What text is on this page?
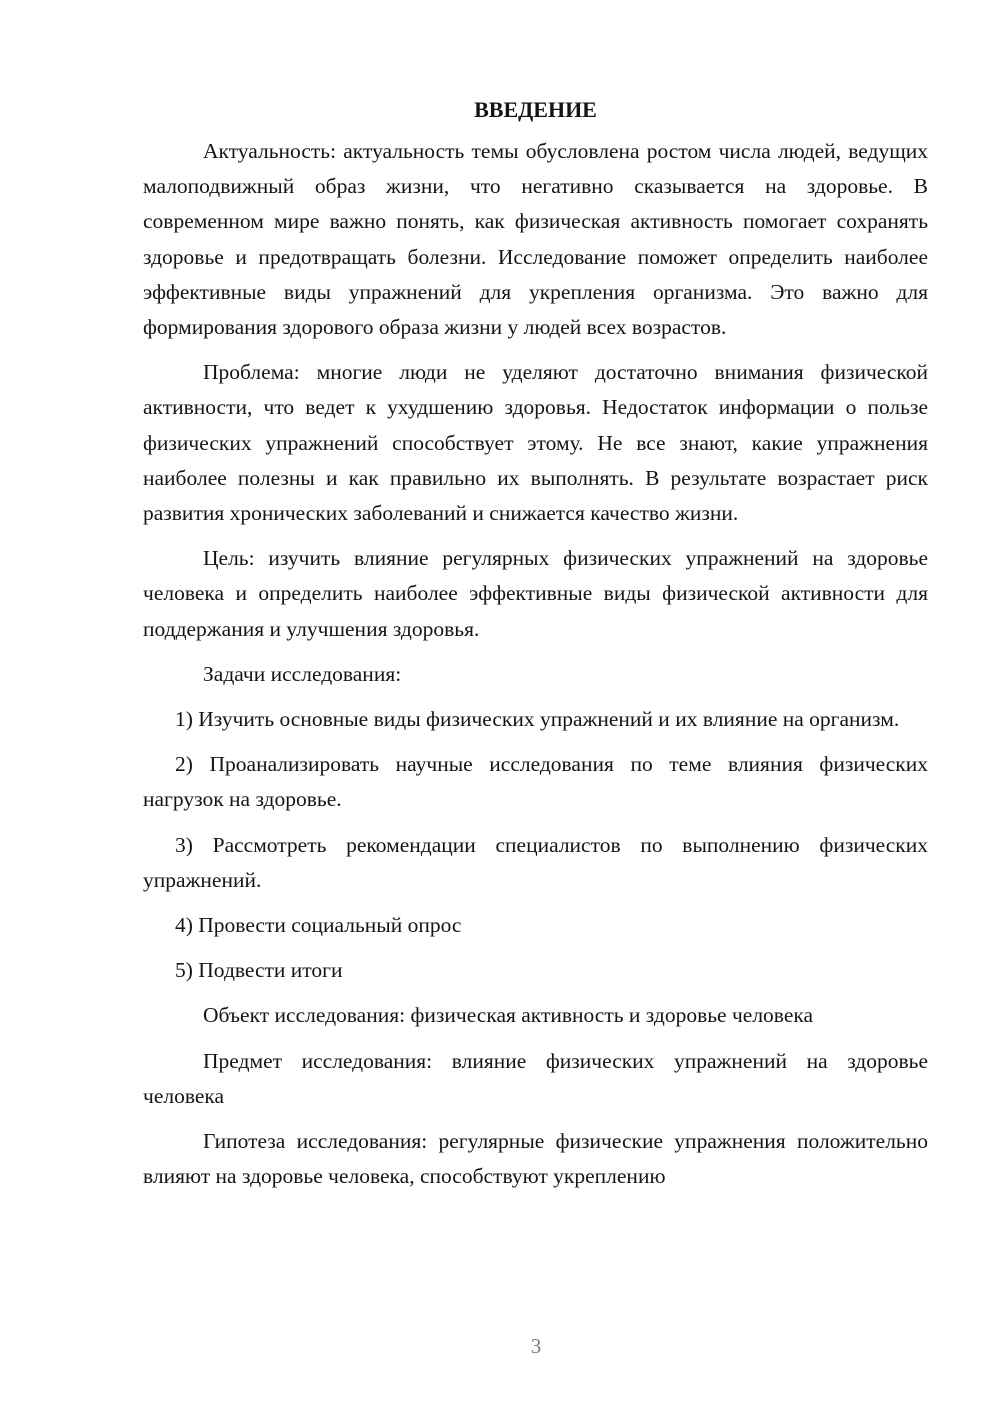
ВВЕДЕНИЕ

Актуальность: актуальность темы обусловлена ростом числа людей, ведущих малоподвижный образ жизни, что негативно сказывается на здоровье. В современном мире важно понять, как физическая активность помогает сохранять здоровье и предотвращать болезни. Исследование поможет определить наиболее эффективные виды упражнений для укрепления организма. Это важно для формирования здорового образа жизни у людей всех возрастов.

Проблема: многие люди не уделяют достаточно внимания физической активности, что ведет к ухудшению здоровья. Недостаток информации о пользе физических упражнений способствует этому. Не все знают, какие упражнения наиболее полезны и как правильно их выполнять. В результате возрастает риск развития хронических заболеваний и снижается качество жизни.

Цель: изучить влияние регулярных физических упражнений на здоровье человека и определить наиболее эффективные виды физической активности для поддержания и улучшения здоровья.

Задачи исследования:

1) Изучить основные виды физических упражнений и их влияние на организм.

2) Проанализировать научные исследования по теме влияния физических нагрузок на здоровье.

3) Рассмотреть рекомендации специалистов по выполнению физических упражнений.

4) Провести социальный опрос

5) Подвести итоги

Объект исследования: физическая активность и здоровье человека

Предмет исследования: влияние физических упражнений на здоровье человека

Гипотеза исследования: регулярные физические упражнения положительно влияют на здоровье человека, способствуют укреплению

3
